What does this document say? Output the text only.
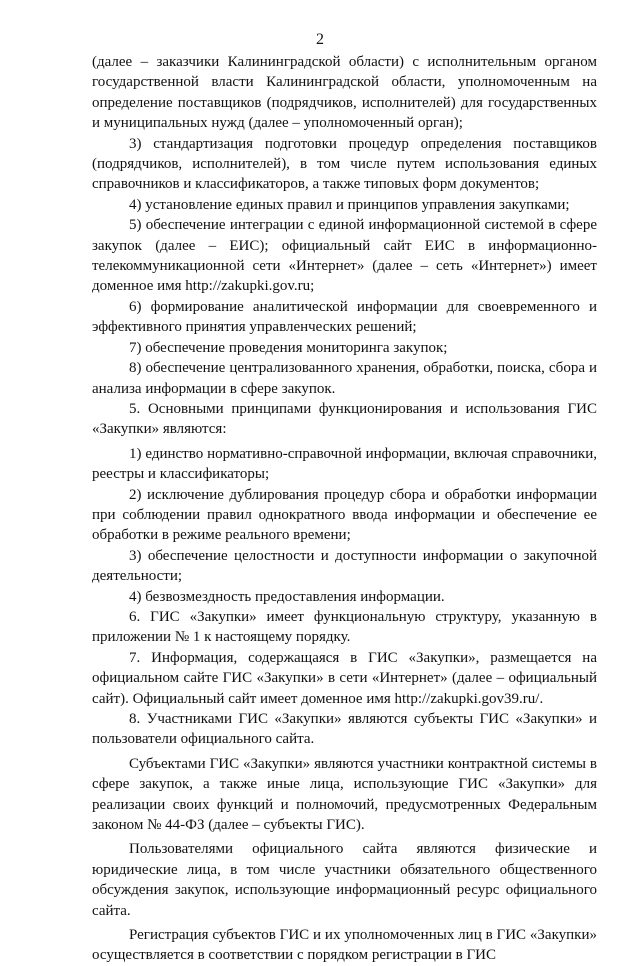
2

(далее – заказчики Калининградской области) с исполнительным органом государственной власти Калининградской области, уполномоченным на определение поставщиков (подрядчиков, исполнителей) для государственных и муниципальных нужд (далее – уполномоченный орган);

3) стандартизация подготовки процедур определения поставщиков (подрядчиков, исполнителей), в том числе путем использования единых справочников и классификаторов, а также типовых форм документов;

4) установление единых правил и принципов управления закупками;

5) обеспечение интеграции с единой информационной системой в сфере закупок (далее – ЕИС); официальный сайт ЕИС в информационно-телекоммуникационной сети «Интернет» (далее – сеть «Интернет») имеет доменное имя http://zakupki.gov.ru;

6) формирование аналитической информации для своевременного и эффективного принятия управленческих решений;

7) обеспечение проведения мониторинга закупок;

8) обеспечение централизованного хранения, обработки, поиска, сбора и анализа информации в сфере закупок.

5. Основными принципами функционирования и использования ГИС «Закупки» являются:

1) единство нормативно-справочной информации, включая справочники, реестры и классификаторы;

2) исключение дублирования процедур сбора и обработки информации при соблюдении правил однократного ввода информации и обеспечение ее обработки в режиме реального времени;

3) обеспечение целостности и доступности информации о закупочной деятельности;

4) безвозмездность предоставления информации.

6. ГИС «Закупки» имеет функциональную структуру, указанную в приложении № 1 к настоящему порядку.

7. Информация, содержащаяся в ГИС «Закупки», размещается на официальном сайте ГИС «Закупки» в сети «Интернет» (далее – официальный сайт). Официальный сайт имеет доменное имя http://zakupki.gov39.ru/.

8. Участниками ГИС «Закупки» являются субъекты ГИС «Закупки» и пользователи официального сайта.

Субъектами ГИС «Закупки» являются участники контрактной системы в сфере закупок, а также иные лица, использующие ГИС «Закупки» для реализации своих функций и полномочий, предусмотренных Федеральным законом № 44-ФЗ (далее – субъекты ГИС).

Пользователями официального сайта являются физические и юридические лица, в том числе участники обязательного общественного обсуждения закупок, использующие информационный ресурс официального сайта.

Регистрация субъектов ГИС и их уполномоченных лиц в ГИС «Закупки» осуществляется в соответствии с порядком регистрации в ГИС
